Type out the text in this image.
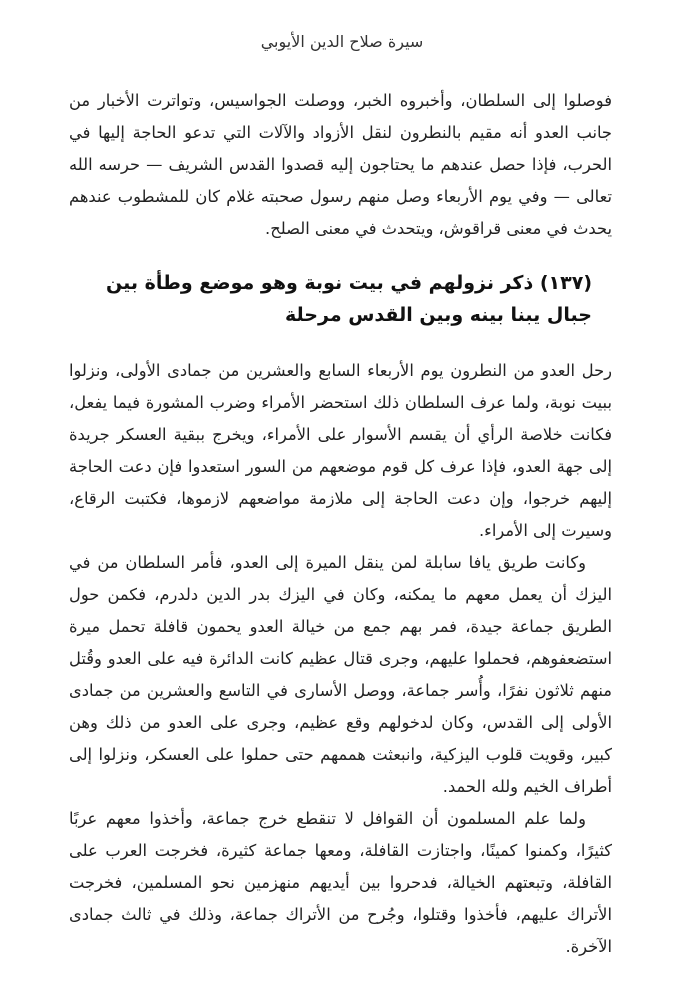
سيرة صلاح الدين الأيوبي

فوصلوا إلى السلطان، وأخبروه الخبر، ووصلت الجواسيس، وتواترت الأخبار من جانب العدو أنه مقيم بالنطرون لنقل الأزواد والآلات التي تدعو الحاجة إليها في الحرب، فإذا حصل عندهم ما يحتاجون إليه قصدوا القدس الشريف — حرسه الله تعالى — وفي يوم الأربعاء وصل منهم رسول صحبته غلام كان للمشطوب عندهم يحدث في معنى قراقوش، ويتحدث في معنى الصلح.

(١٣٧) ذكر نزولهم في بيت نوبة وهو موضع وطأة بين جبال يبنا بينه وبين القدس مرحلة

رحل العدو من النطرون يوم الأربعاء السابع والعشرين من جمادى الأولى، ونزلوا ببيت نوبة، ولما عرف السلطان ذلك استحضر الأمراء وضرب المشورة فيما يفعل، فكانت خلاصة الرأي أن يقسم الأسوار على الأمراء، ويخرج ببقية العسكر جريدة إلى جهة العدو، فإذا عرف كل قوم موضعهم من السور استعدوا فإن دعت الحاجة إليهم خرجوا، وإن دعت الحاجة إلى ملازمة مواضعهم لازموها، فكتبت الرقاع، وسيرت إلى الأمراء.

وكانت طريق يافا سابلة لمن ينقل الميرة إلى العدو، فأمر السلطان من في اليزك أن يعمل معهم ما يمكنه، وكان في اليزك بدر الدين دلدرم، فكمن حول الطريق جماعة جيدة، فمر بهم جمع من خيالة العدو يحمون قافلة تحمل ميرة استضعفوهم، فحملوا عليهم، وجرى قتال عظيم كانت الدائرة فيه على العدو وقُتل منهم ثلاثون نفرًا، وأُسر جماعة، ووصل الأسارى في التاسع والعشرين من جمادى الأولى إلى القدس، وكان لدخولهم وقع عظيم، وجرى على العدو من ذلك وهن كبير، وقويت قلوب اليزكية، وانبعثت هممهم حتى حملوا على العسكر، ونزلوا إلى أطراف الخيم ولله الحمد.

ولما علم المسلمون أن القوافل لا تنقطع خرج جماعة، وأخذوا معهم عربًا كثيرًا، وكمنوا كمينًا، واجتازت القافلة، ومعها جماعة كثيرة، فخرجت العرب على القافلة، وتبعتهم الخيالة، فدحروا بين أيديهم منهزمين نحو المسلمين، فخرجت الأتراك عليهم، فأخذوا وقتلوا، وجُرح من الأتراك جماعة، وذلك في ثالث جمادى الآخرة.
